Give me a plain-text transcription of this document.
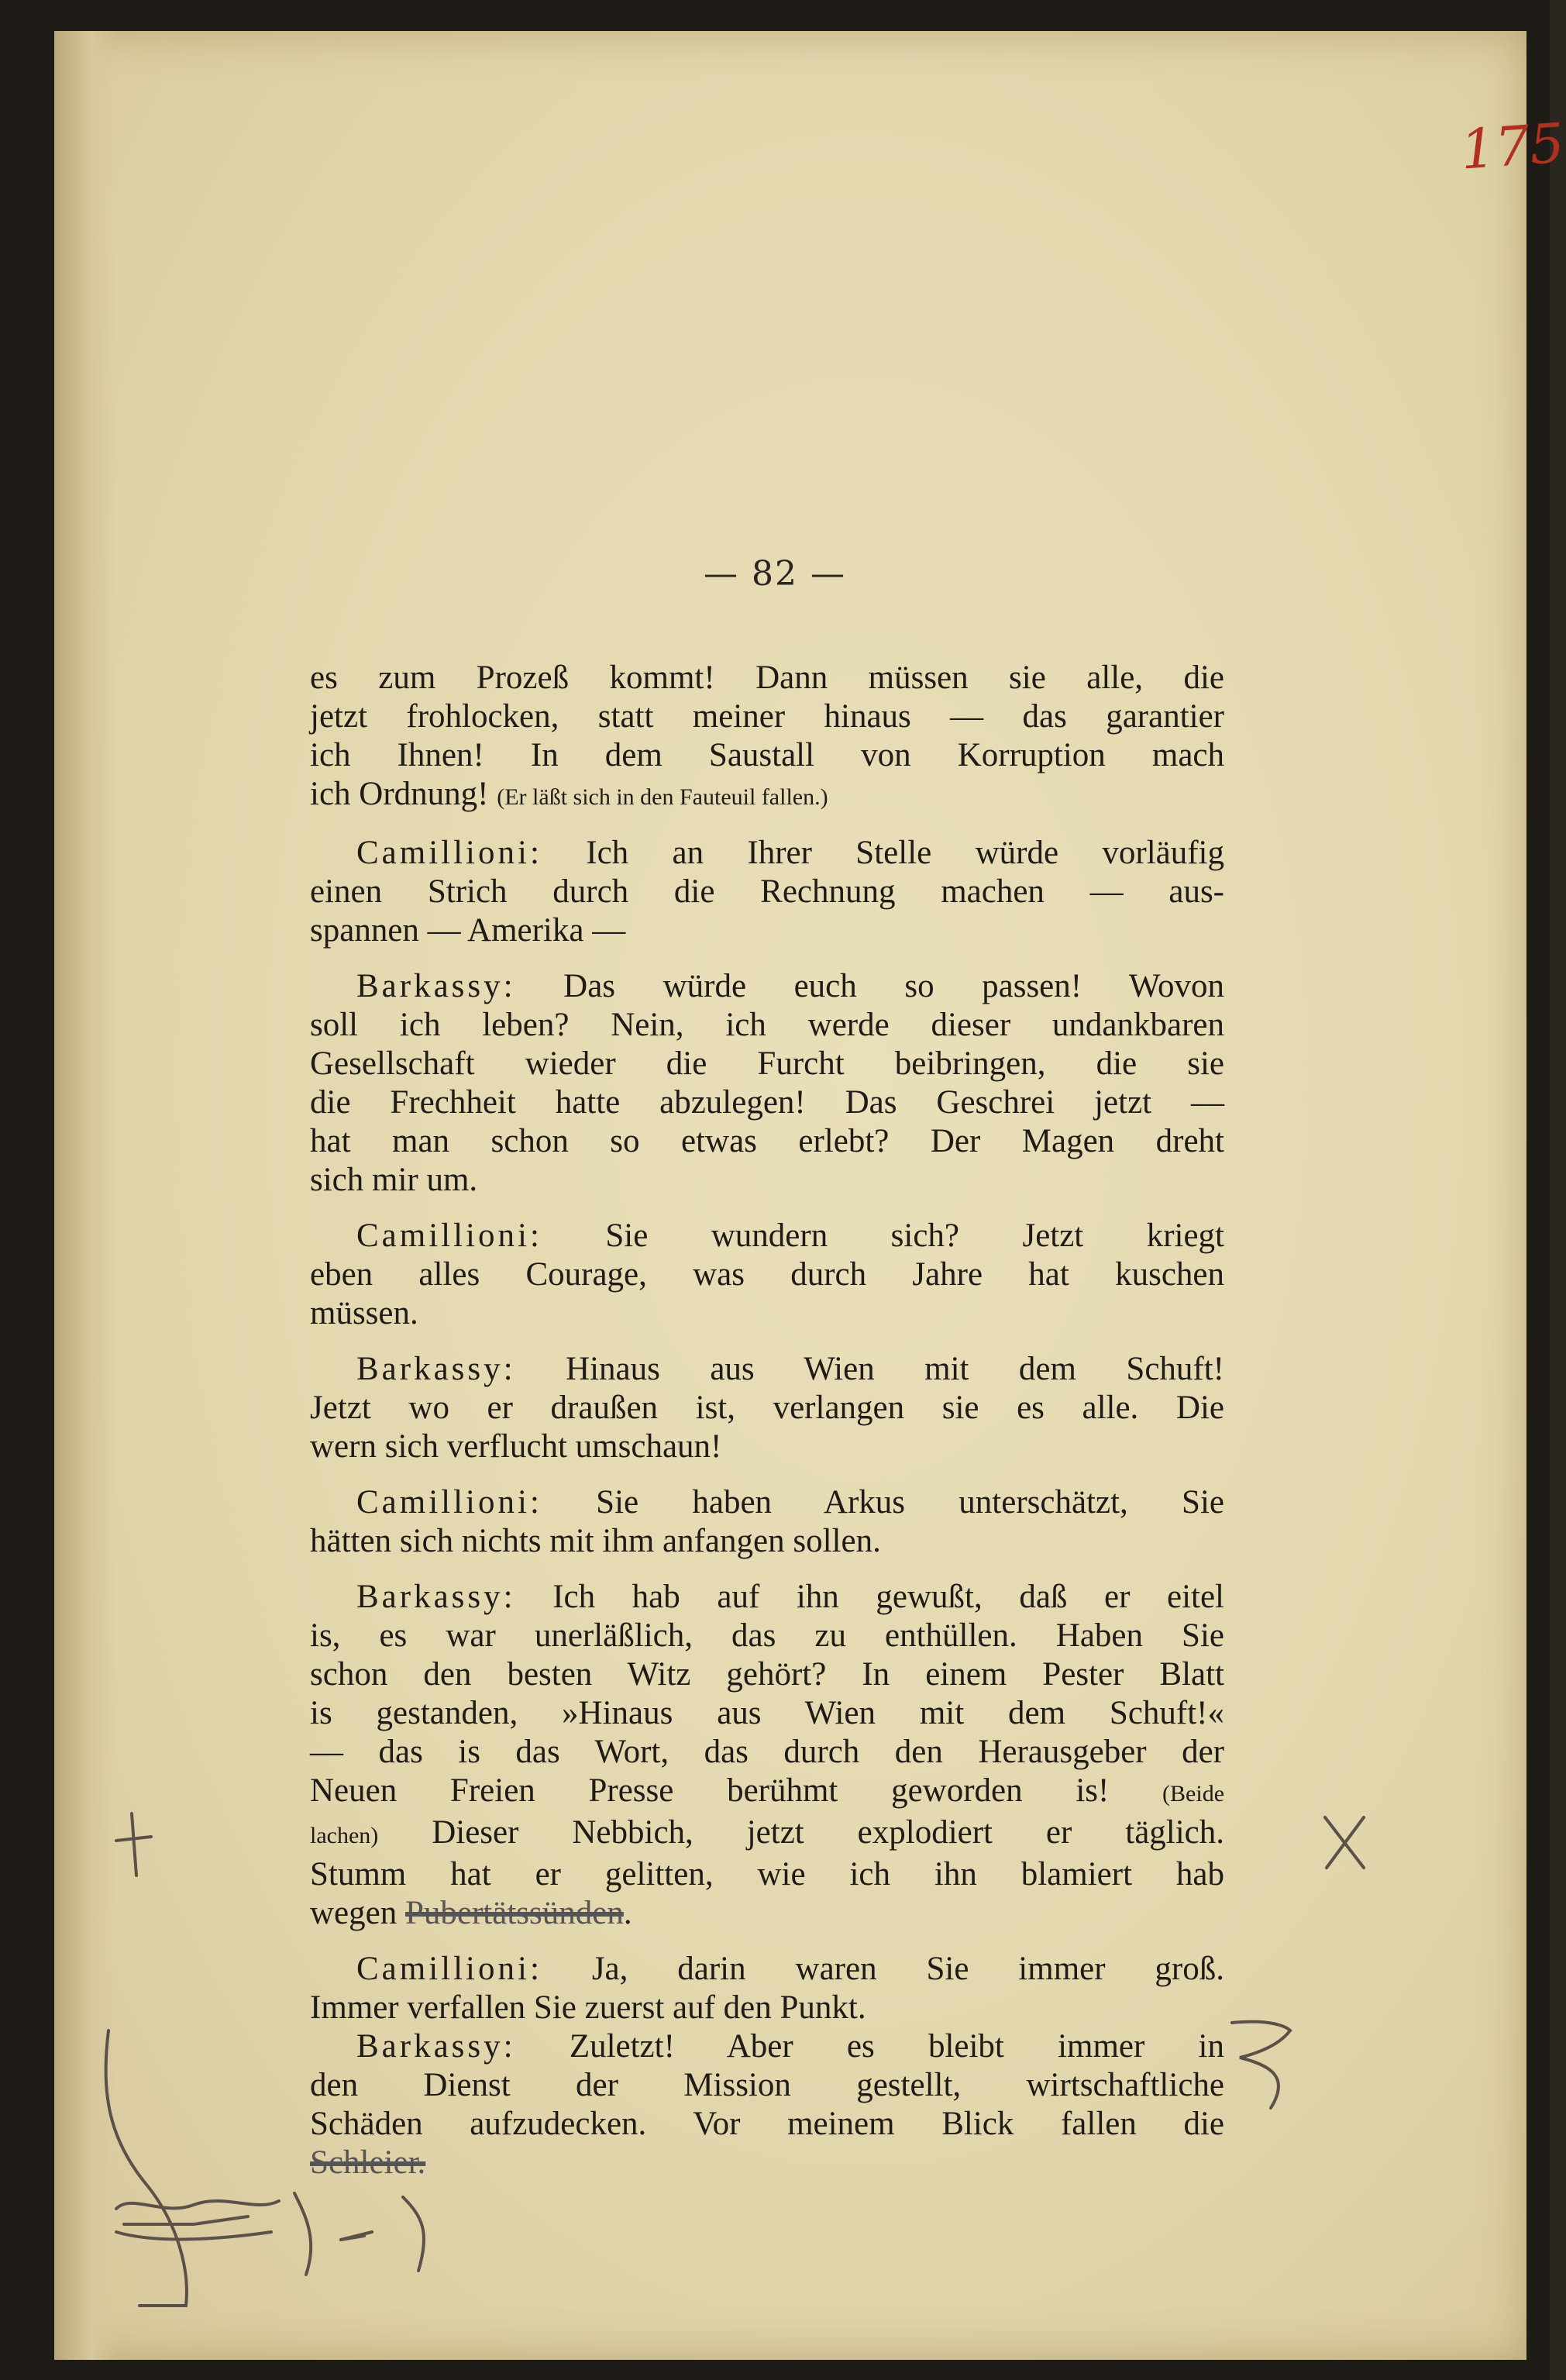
175
— 82 —
es zum Prozeß kommt! Dann müssen sie alle, die
jetzt frohlocken, statt meiner hinaus — das garantier
ich Ihnen! In dem Saustall von Korruption mach
ich Ordnung! (Er läßt sich in den Fauteuil fallen.)
Camillioni: Ich an Ihrer Stelle würde vorläufig
einen Strich durch die Rechnung machen — aus-
spannen — Amerika —
Barkassy: Das würde euch so passen! Wovon
soll ich leben? Nein, ich werde dieser undankbaren
Gesellschaft wieder die Furcht beibringen, die sie
die Frechheit hatte abzulegen! Das Geschrei jetzt —
hat man schon so etwas erlebt? Der Magen dreht
sich mir um.
Camillioni: Sie wundern sich? Jetzt kriegt
eben alles Courage, was durch Jahre hat kuschen
müssen.
Barkassy: Hinaus aus Wien mit dem Schuft!
Jetzt wo er draußen ist, verlangen sie es alle. Die
wern sich verflucht umschaun!
Camillioni: Sie haben Arkus unterschätzt, Sie
hätten sich nichts mit ihm anfangen sollen.
Barkassy: Ich hab auf ihn gewußt, daß er eitel
is, es war unerläßlich, das zu enthüllen. Haben Sie
schon den besten Witz gehört? In einem Pester Blatt
is gestanden, »Hinaus aus Wien mit dem Schuft!«
— das is das Wort, das durch den Herausgeber der
Neuen Freien Presse berühmt geworden is! (Beide
lachen) Dieser Nebbich, jetzt explodiert er täglich.
Stumm hat er gelitten, wie ich ihn blamiert hab
wegen Pubertätssünden.
Camillioni: Ja, darin waren Sie immer groß.
Immer verfallen Sie zuerst auf den Punkt.
Barkassy: Zuletzt! Aber es bleibt immer in
den Dienst der Mission gestellt, wirtschaftliche
Schäden aufzudecken. Vor meinem Blick fallen die
Schleier.
